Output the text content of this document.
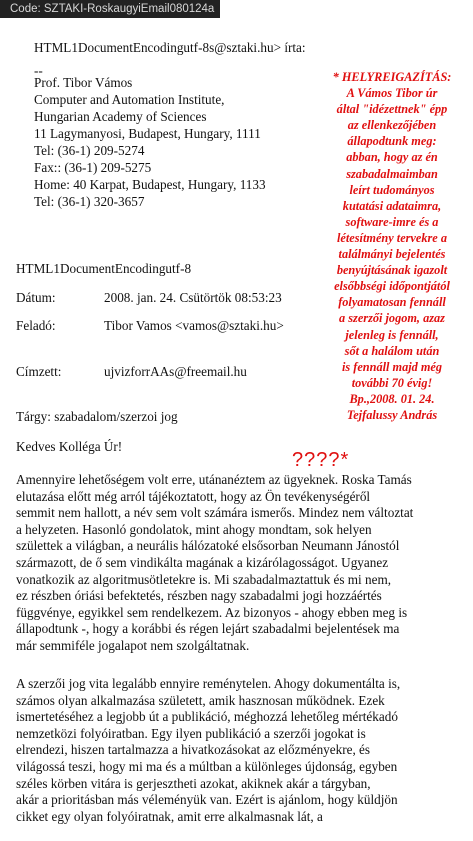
Code: SZTAKI-RoskaugyiEmail080124a
HTML1DocumentEncodingutf-8s@sztaki.hu> írta:
--
Prof. Tibor Vámos
Computer and Automation Institute,
Hungarian Academy of Sciences
11 Lagymanyosi, Budapest, Hungary, 1111
Tel: (36-1) 209-5274
Fax:: (36-1) 209-5275
Home: 40 Karpat, Budapest, Hungary, 1133
Tel: (36-1) 320-3657
HTML1DocumentEncodingutf-8
Dátum:	2008. jan. 24. Csütörtök 08:53:23
Feladó:	Tibor Vamos <vamos@sztaki.hu>
Címzett:	ujvizforrAAs@freemail.hu
Tárgy: szabadalom/szerzoi jog
Kedves Kolléga Úr!
Amennyire lehetőségem volt erre, utánanéztem az ügyeknek. Roska Tamás
elutazása előtt még arról tájékoztatott, hogy az Ön tevékenységéről
semmit nem hallott, a név sem volt számára ismerős. Mindez nem változtat
a helyzeten. Hasonló gondolatok, mint ahogy mondtam, sok helyen
születtek a világban, a neurális hálózatoké elsősorban Neumann Jánostól
származott, de ő sem vindikálta magának a kizárólagosságot. Ugyanez
vonatkozik az algoritmusötletekre is. Mi szabadalmaztattuk és mi nem,
ez részben óriási befektetés, részben nagy szabadalmi jogi hozzáértés
függvénye, egyikkel sem rendelkezem. Az bizonyos - ahogy ebben meg is
állapodtunk -, hogy a korábbi és régen lejárt szabadalmi bejelentések ma
már semmiféle jogalapot nem szolgáltatnak.
????*
A szerzői jog vita legalább ennyire reménytelen. Ahogy dokumentálta is,
számos olyan alkalmazása született, amik hasznosan működnek. Ezek
ismertetéséhez a legjobb út a publikáció, méghozzá lehetőleg mértékadó
nemzetközi folyóiratban. Egy ilyen publikáció a szerzői jogokat is
elrendezi, hiszen tartalmazza a hivatkozásokat az előzményekre, és
világossá teszi, hogy mi ma és a múltban a különleges újdonság, egyben
széles körben vitára is gerjesztheti azokat, akiknek akár a tárgyban,
akár a prioritásban más véleményük van. Ezért is ajánlom, hogy küldjön
cikket egy olyan folyóiratnak, amit erre alkalmasnak lát, a
* HELYREIGAZÍTÁS:
A Vámos Tibor úr
által "idézettnek" épp
az ellenkezőjében
állapodtunk meg:
abban, hogy az én
szabadalmaimban
leírt tudományos
kutatási adataimra,
software-imre és a
létesítmény tervekre a
találmányi bejelentés
benyújtásának igazolt
elsőbbségi időpontjától
folyamatosan fennáll
a szerzői jogom, azaz
jelenleg is fennáll,
sőt a halálom után
is fennáll majd még
további 70 évig!
Bp.,2008. 01. 24.
Tejfalussy András
